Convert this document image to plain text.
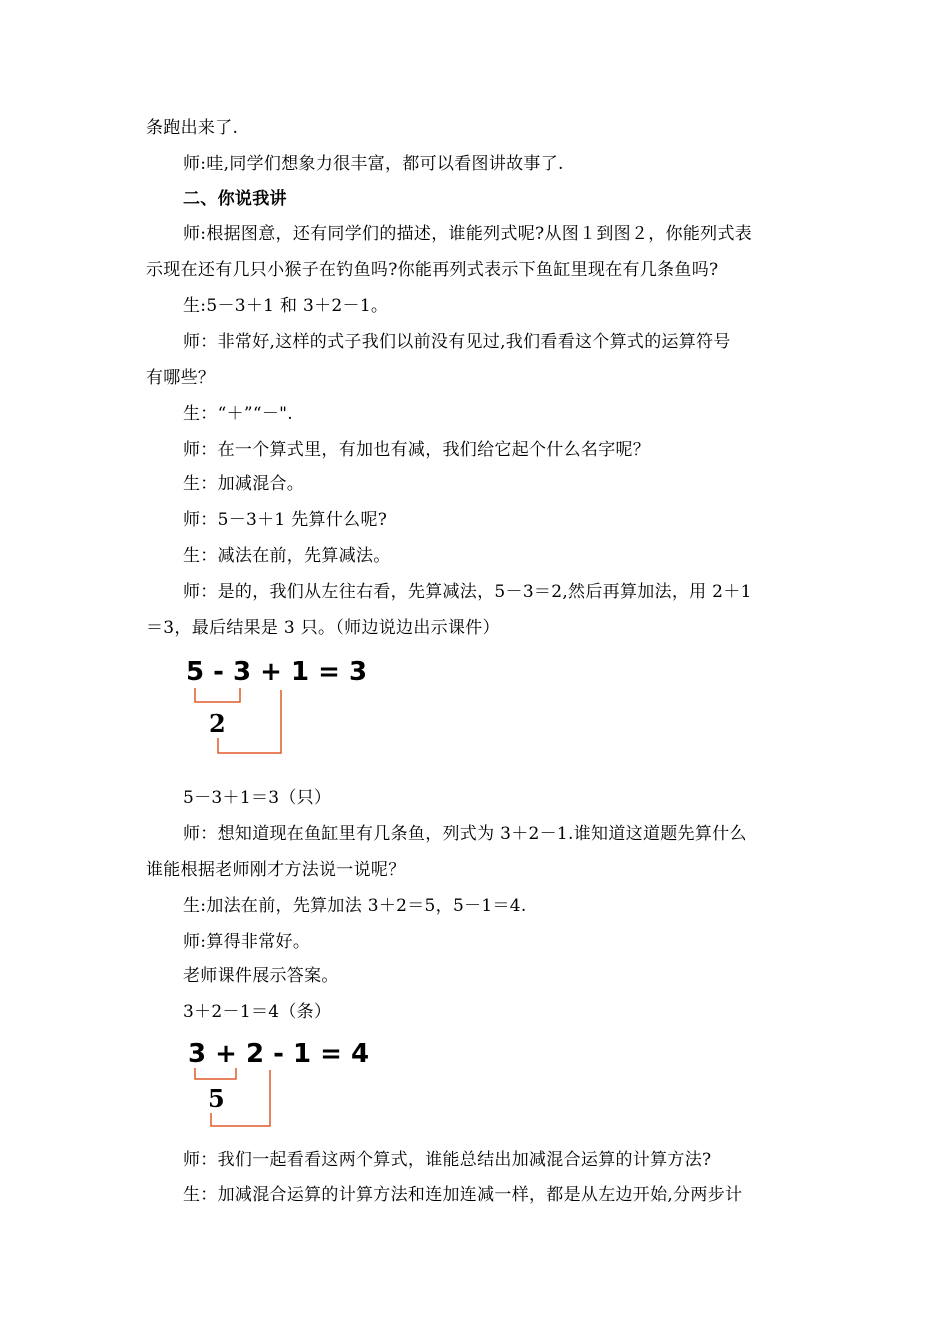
条跑出来了.
师:哇,同学们想象力很丰富，都可以看图讲故事了.
二、你说我讲
师:根据图意，还有同学们的描述，谁能列式呢?从图１到图２，你能列式表
示现在还有几只小猴子在钓鱼吗?你能再列式表示下鱼缸里现在有几条鱼吗?
生:5－3＋1 和 3＋2－1。
师：非常好,这样的式子我们以前没有见过,我们看看这个算式的运算符号
有哪些？
生：“＋”“－".
师：在一个算式里，有加也有减，我们给它起个什么名字呢？
生：加减混合。
师：5－3＋1 先算什么呢?
生：减法在前，先算减法。
师：是的，我们从左往右看，先算减法，5－3＝2,然后再算加法，用 2＋1
＝3，最后结果是 3 只。（师边说边出示课件）
5 - 3 + 1 = 3
2
5－3＋1＝3（只）
师：想知道现在鱼缸里有几条鱼，列式为 3＋2－1.谁知道这道题先算什么
谁能根据老师刚才方法说一说呢？
生:加法在前，先算加法 3＋2＝5，5－1＝4.
师:算得非常好。
老师课件展示答案。
3＋2－1＝4（条）
3 + 2 - 1 = 4
5
师：我们一起看看这两个算式，谁能总结出加减混合运算的计算方法?
生：加减混合运算的计算方法和连加连减一样，都是从左边开始,分两步计
